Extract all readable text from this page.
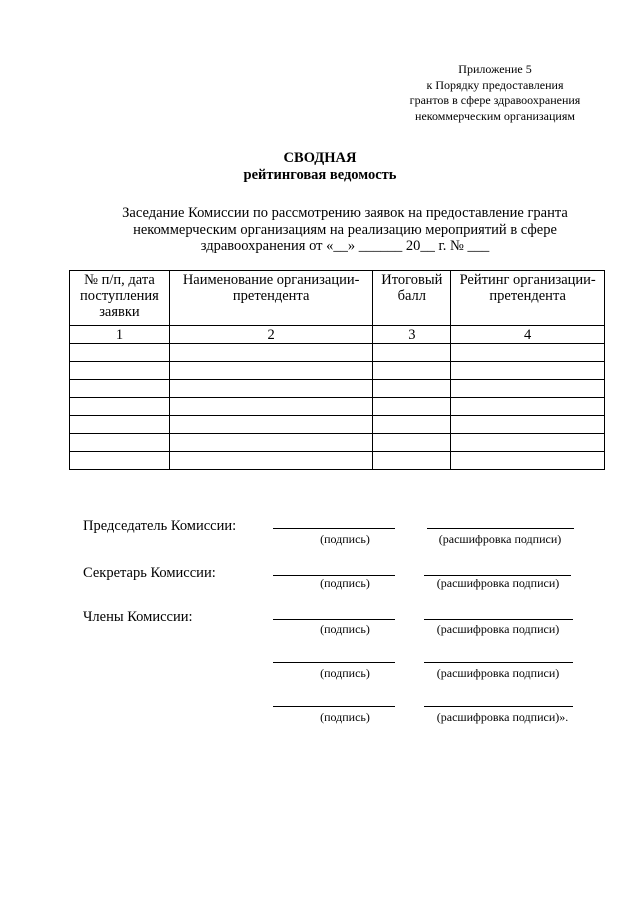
Приложение 5
к Порядку предоставления
грантов в сфере здравоохранения
некоммерческим организациям
СВОДНАЯ
рейтинговая ведомость
Заседание Комиссии по рассмотрению заявок на предоставление гранта
некоммерческим организациям на реализацию мероприятий в сфере
здравоохранения от «__» ______ 20__ г. № ___
№ п/п, дата поступления заявки	Наименование организации-претендента	Итоговый балл	Рейтинг организации-претендента
1	2	3	4

Председатель Комиссии:
(подпись)	(расшифровка подписи)
Секретарь Комиссии:
(подпись)	(расшифровка подписи)
Члены Комиссии:
(подпись)	(расшифровка подписи)
(подпись)	(расшифровка подписи)
(подпись)	(расшифровка подписи)».
